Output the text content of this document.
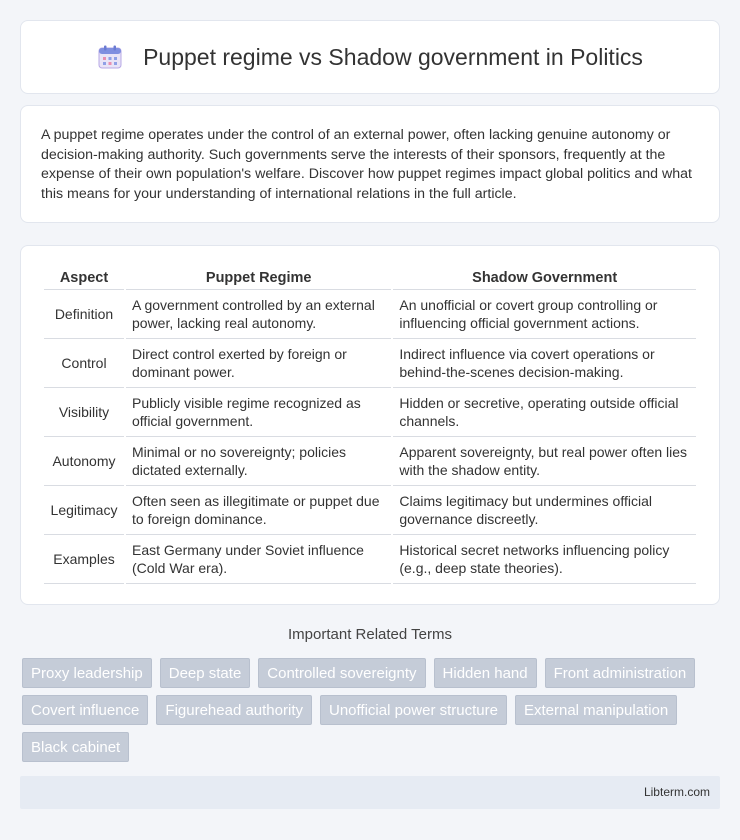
Puppet regime vs Shadow government in Politics

A puppet regime operates under the control of an external power, often lacking genuine autonomy or decision-making authority. Such governments serve the interests of their sponsors, frequently at the expense of their own population's welfare. Discover how puppet regimes impact global politics and what this means for your understanding of international relations in the full article.

Aspect	Puppet Regime	Shadow Government
Definition	A government controlled by an external power, lacking real autonomy.	An unofficial or covert group controlling or influencing official government actions.
Control	Direct control exerted by foreign or dominant power.	Indirect influence via covert operations or behind-the-scenes decision-making.
Visibility	Publicly visible regime recognized as official government.	Hidden or secretive, operating outside official channels.
Autonomy	Minimal or no sovereignty; policies dictated externally.	Apparent sovereignty, but real power often lies with the shadow entity.
Legitimacy	Often seen as illegitimate or puppet due to foreign dominance.	Claims legitimacy but undermines official governance discreetly.
Examples	East Germany under Soviet influence (Cold War era).	Historical secret networks influencing policy (e.g., deep state theories).
Important Related Terms
Proxy leadership	Deep state	Controlled sovereignty	Hidden hand	Front administration
Covert influence	Figurehead authority	Unofficial power structure	External manipulation
Black cabinet
Libterm.com
